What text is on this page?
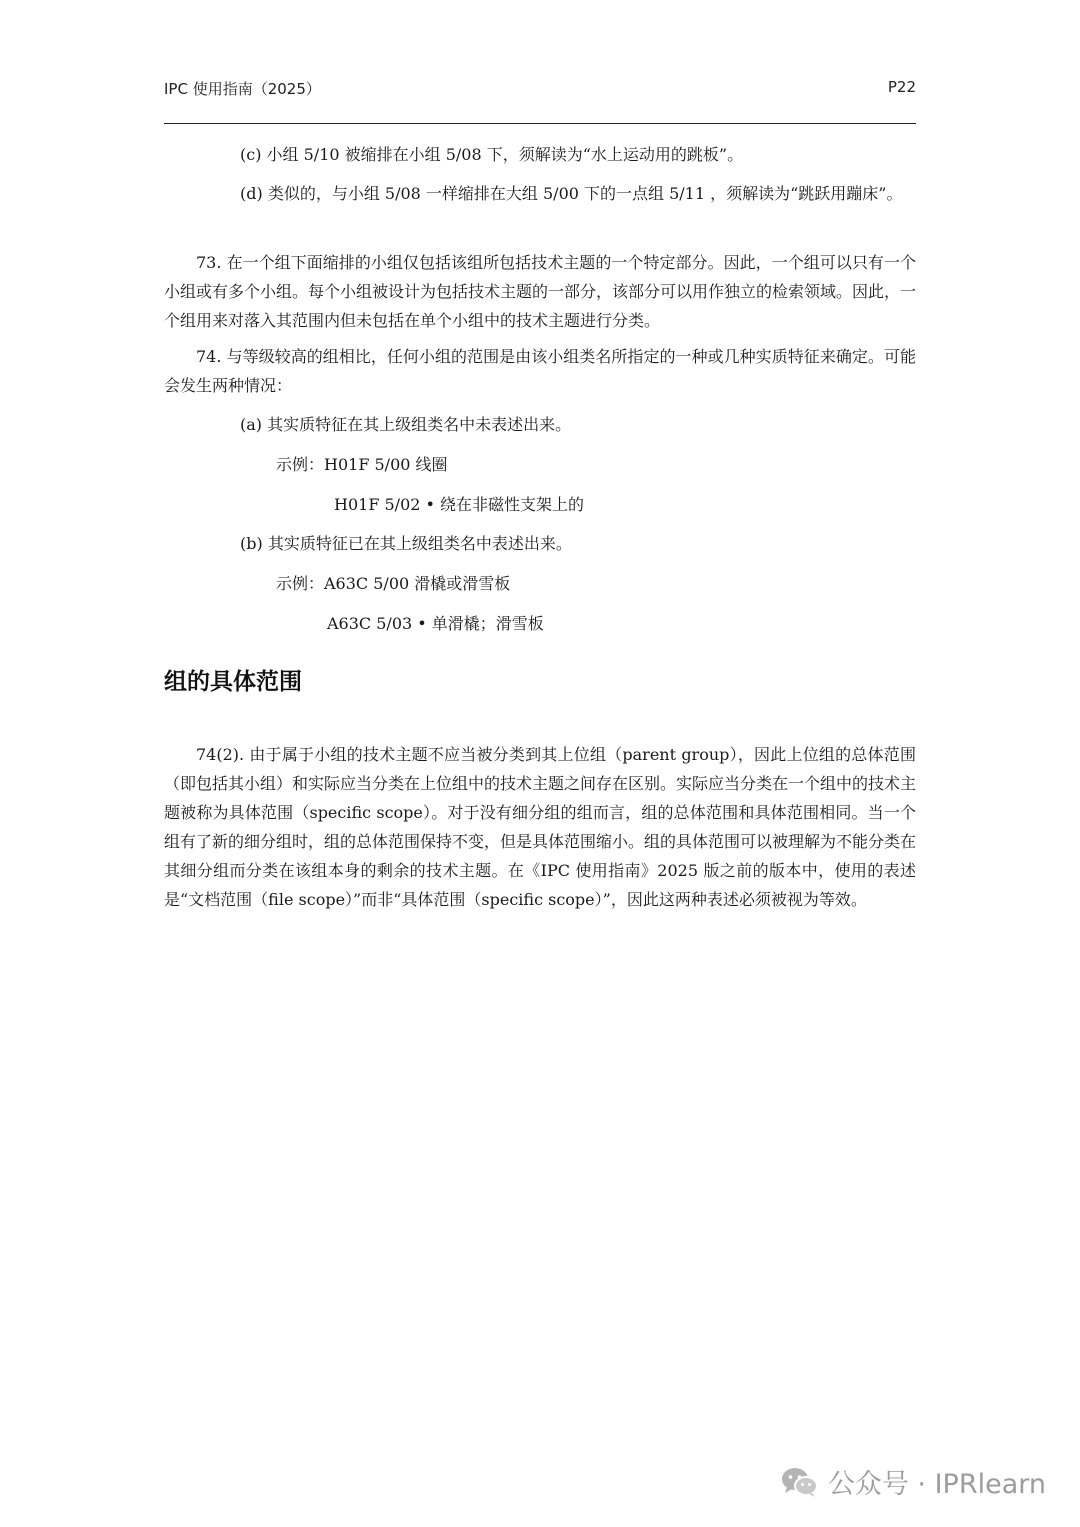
IPC 使用指南（2025）	P22
(c) 小组 5/10 被缩排在小组 5/08 下，须解读为“水上运动用的跳板”。
(d) 类似的，与小组 5/08 一样缩排在大组 5/00 下的一点组 5/11 ，须解读为“跳跃用蹦床”。
73. 在一个组下面缩排的小组仅包括该组所包括技术主题的一个特定部分。因此，一个组可以只有一个小组或有多个小组。每个小组被设计为包括技术主题的一部分，该部分可以用作独立的检索领域。因此，一个组用来对落入其范围内但未包括在单个小组中的技术主题进行分类。
74. 与等级较高的组相比，任何小组的范围是由该小组类名所指定的一种或几种实质特征来确定。可能会发生两种情况：
(a) 其实质特征在其上级组类名中未表述出来。
示例：H01F 5/00 线圈
H01F 5/02 • 绕在非磁性支架上的
(b) 其实质特征已在其上级组类名中表述出来。
示例：A63C 5/00 滑橇或滑雪板
A63C 5/03 • 单滑橇；滑雪板
组的具体范围
74(2). 由于属于小组的技术主题不应当被分类到其上位组（parent group），因此上位组的总体范围（即包括其小组）和实际应当分类在上位组中的技术主题之间存在区别。实际应当分类在一个组中的技术主题被称为具体范围（specific scope）。对于没有细分组的组而言，组的总体范围和具体范围相同。当一个组有了新的细分组时，组的总体范围保持不变，但是具体范围缩小。组的具体范围可以被理解为不能分类在其细分组而分类在该组本身的剩余的技术主题。在《IPC 使用指南》2025 版之前的版本中，使用的表述是“文档范围（file scope）”而非“具体范围（specific scope）”，因此这两种表述必须被视为等效。
公众号 · IPRlearn
